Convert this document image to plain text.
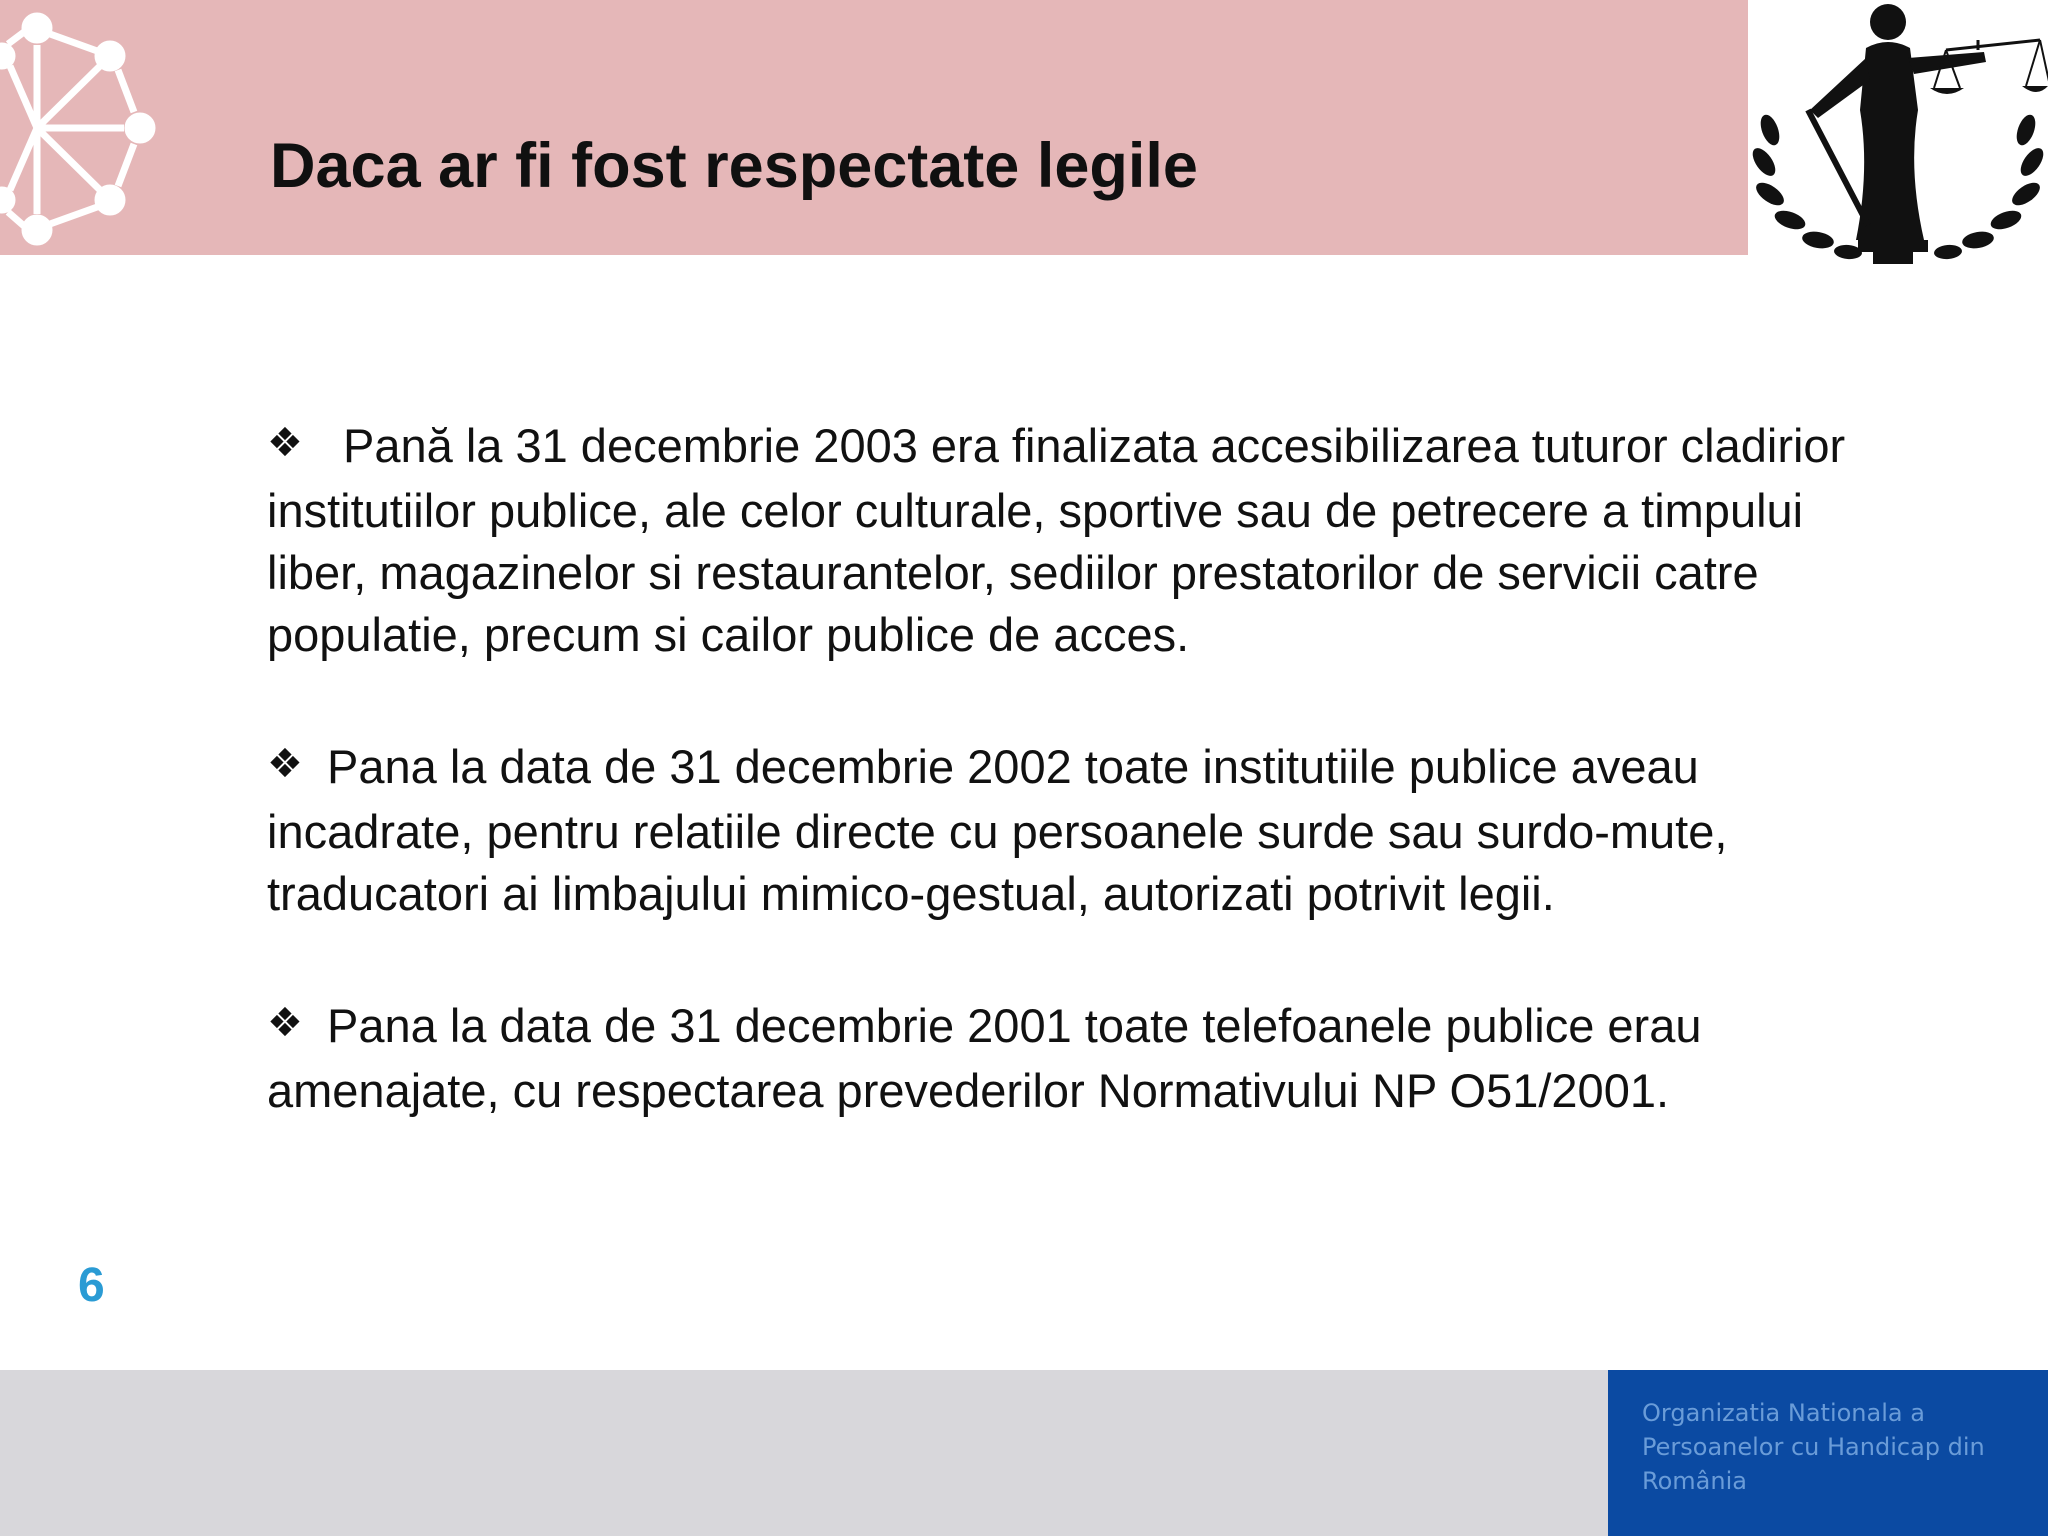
Daca ar fi fost respectate legile

❖ Pană la 31 decembrie 2003 era finalizata accesibilizarea tuturor cladirior institutiilor publice, ale celor culturale, sportive sau de petrecere a timpului liber, magazinelor si restaurantelor, sediilor prestatorilor de servicii catre populatie, precum si cailor publice de acces.

❖ Pana la data de 31 decembrie 2002 toate institutiile publice aveau incadrate, pentru relatiile directe cu persoanele surde sau surdo-mute, traducatori ai limbajului mimico-gestual, autorizati potrivit legii.

❖ Pana la data de 31 decembrie 2001 toate telefoanele publice erau amenajate, cu respectarea prevederilor Normativului NP O51/2001.

6
Organizatia Nationala a
Persoanelor cu Handicap din
România
